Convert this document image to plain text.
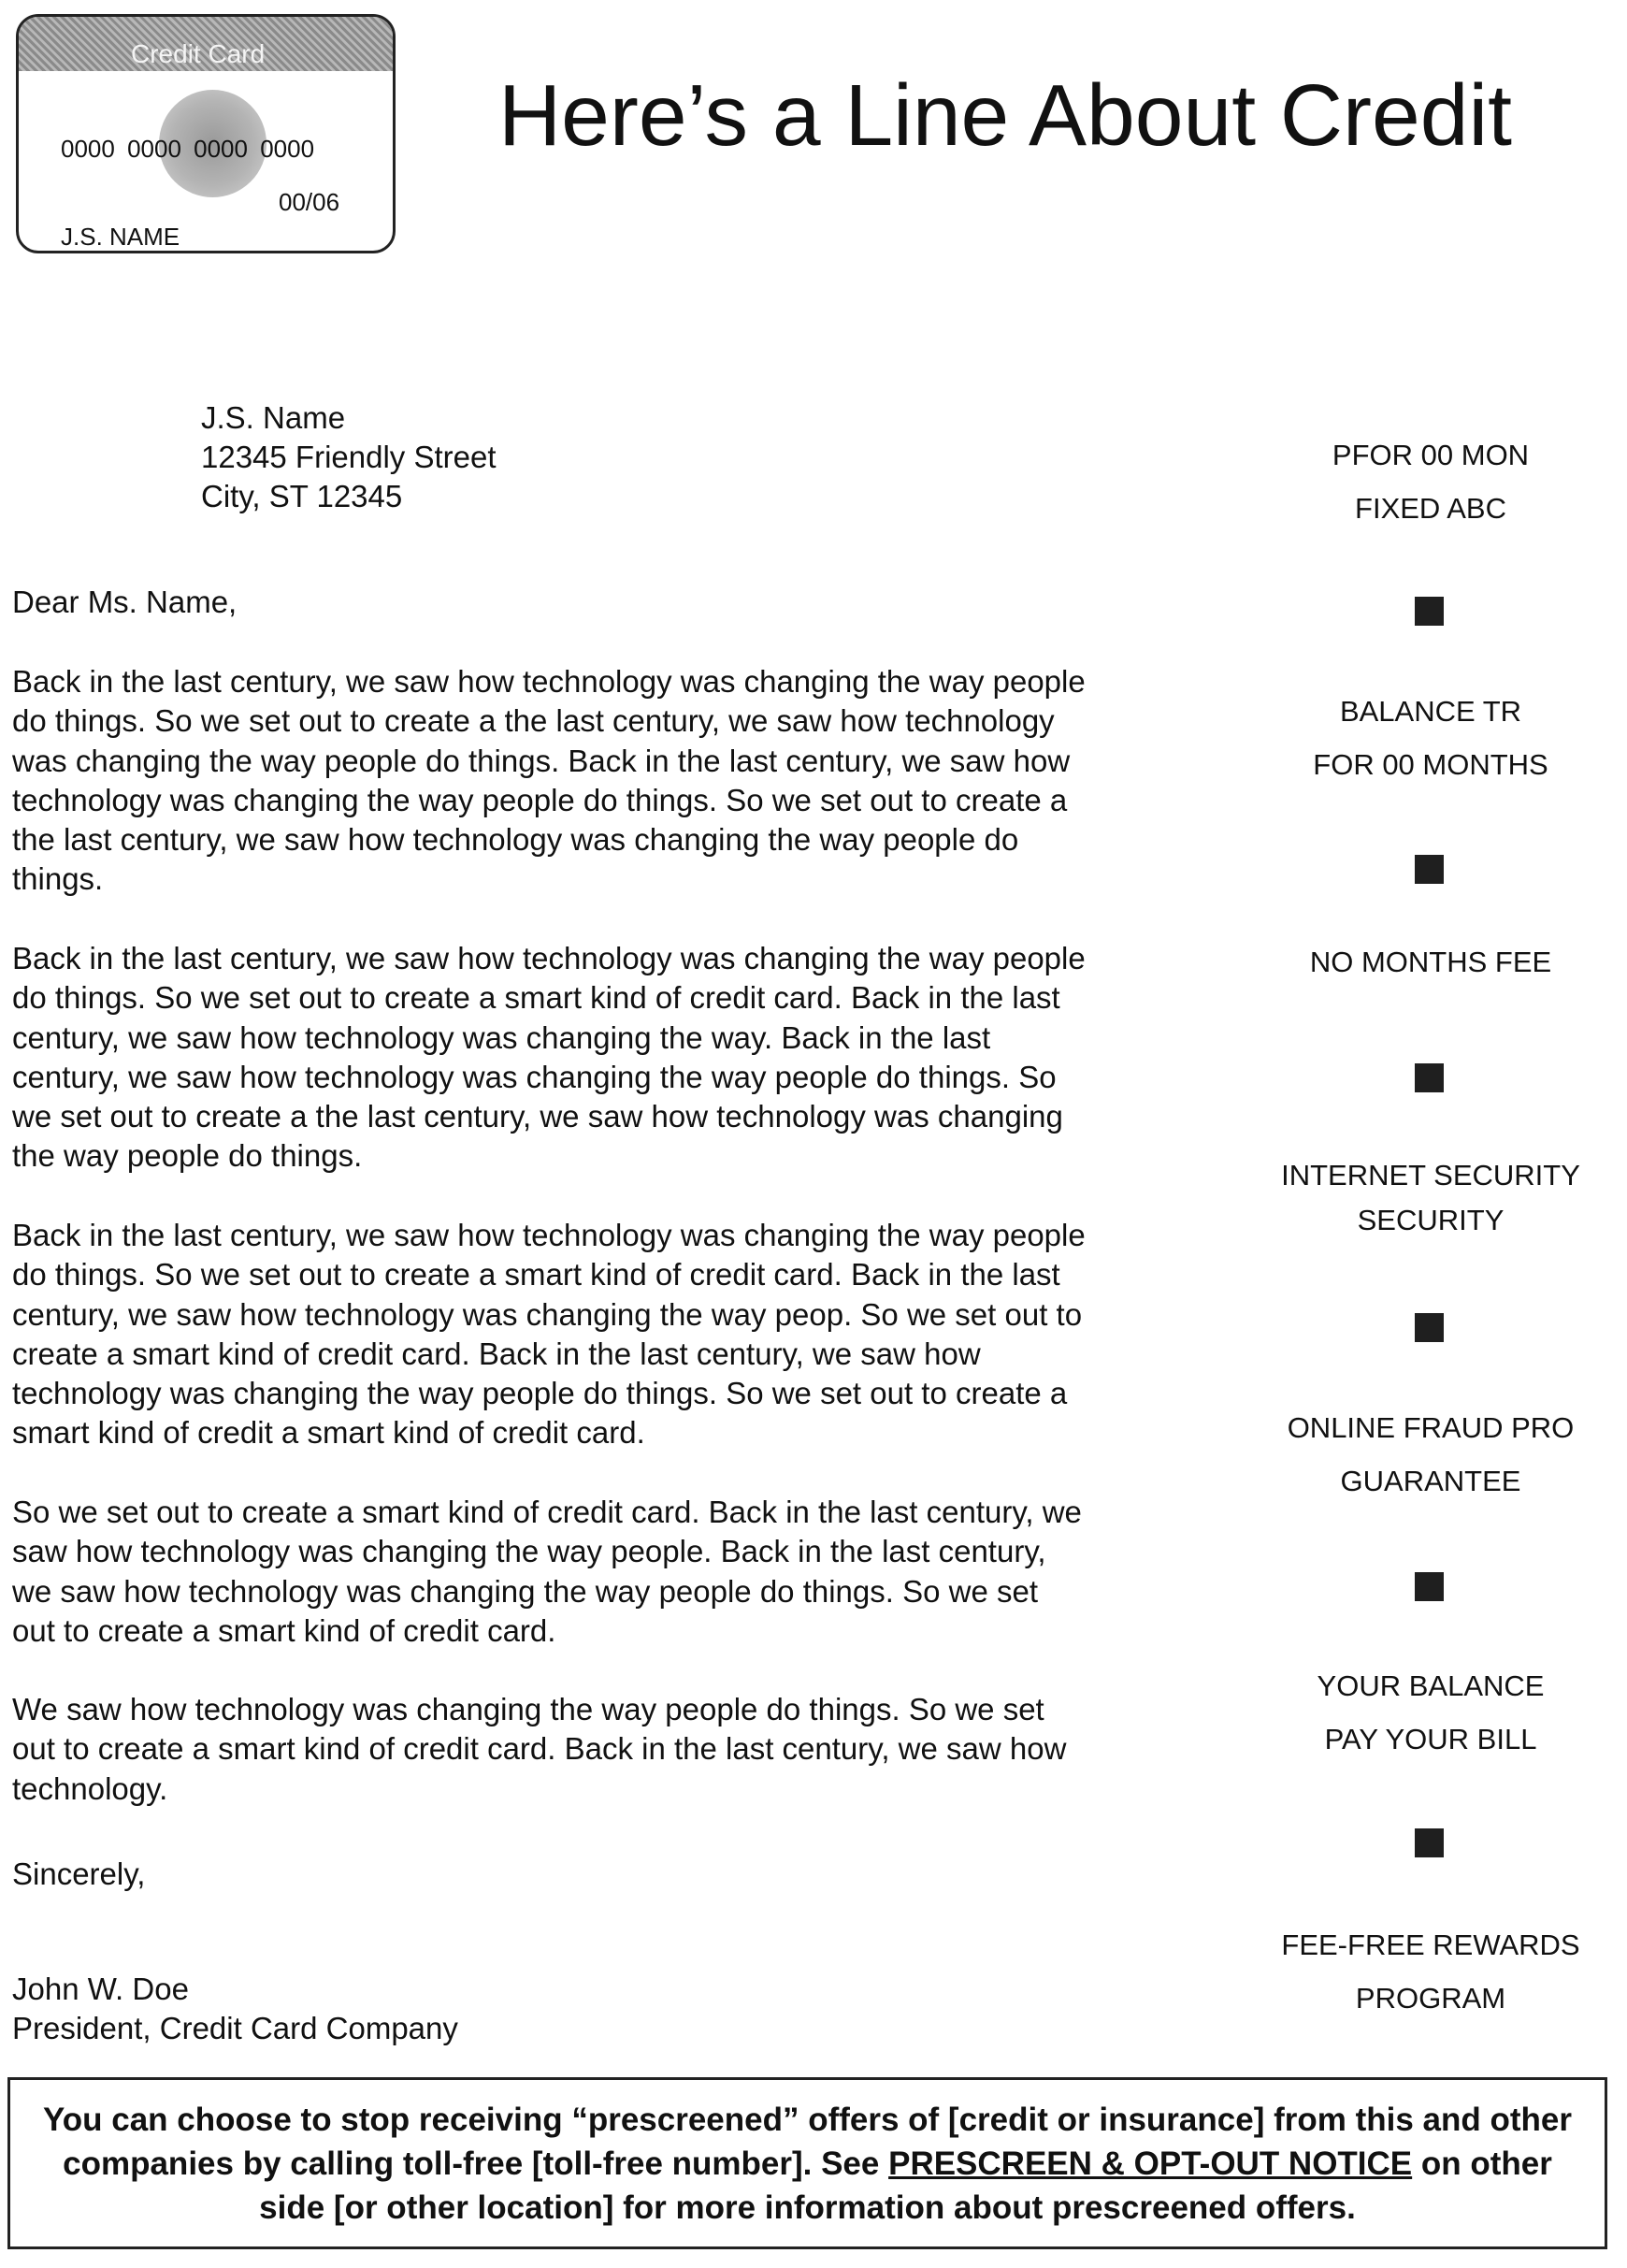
Credit Card
0000 0000 0000 0000
00/06
J.S. NAME
Here’s a Line About Credit
J.S. Name
12345 Friendly Street
City, ST 12345
Dear Ms. Name,
Back in the last century, we saw how technology was changing the way people
do things. So we set out to create a the last century, we saw how technology
was changing the way people do things. Back in the last century, we saw how
technology was changing the way people do things. So we set out to create a
the last century, we saw how technology was changing the way people do
things.
Back in the last century, we saw how technology was changing the way people
do things. So we set out to create a smart kind of credit card. Back in the last
century, we saw how technology was changing the way. Back in the last
century, we saw how technology was changing the way people do things. So
we set out to create a the last century, we saw how technology was changing
the way people do things.
Back in the last century, we saw how technology was changing the way people
do things. So we set out to create a smart kind of credit card. Back in the last
century, we saw how technology was changing the way peop. So we set out to
create a smart kind of credit card. Back in the last century, we saw how
technology was changing the way people do things. So we set out to create a
smart kind of credit a smart kind of credit card.
So we set out to create a smart kind of credit card. Back in the last century, we
saw how technology was changing the way people. Back in the last century,
we saw how technology was changing the way people do things. So we set
out to create a smart kind of credit card.
We saw how technology was changing the way people do things. So we set
out to create a smart kind of credit card. Back in the last century, we saw how
technology.
Sincerely,
John W. Doe
President, Credit Card Company
PFOR 00 MON
FIXED ABC
BALANCE TR
FOR 00 MONTHS
NO MONTHS FEE
INTERNET SECURITY
SECURITY
ONLINE FRAUD PRO
GUARANTEE
YOUR BALANCE
PAY YOUR BILL
FEE-FREE REWARDS
PROGRAM
You can choose to stop receiving “prescreened” offers of [credit or insurance] from this and other companies by calling toll-free [toll-free number]. See PRESCREEN & OPT-OUT NOTICE on other side [or other location] for more information about prescreened offers.
